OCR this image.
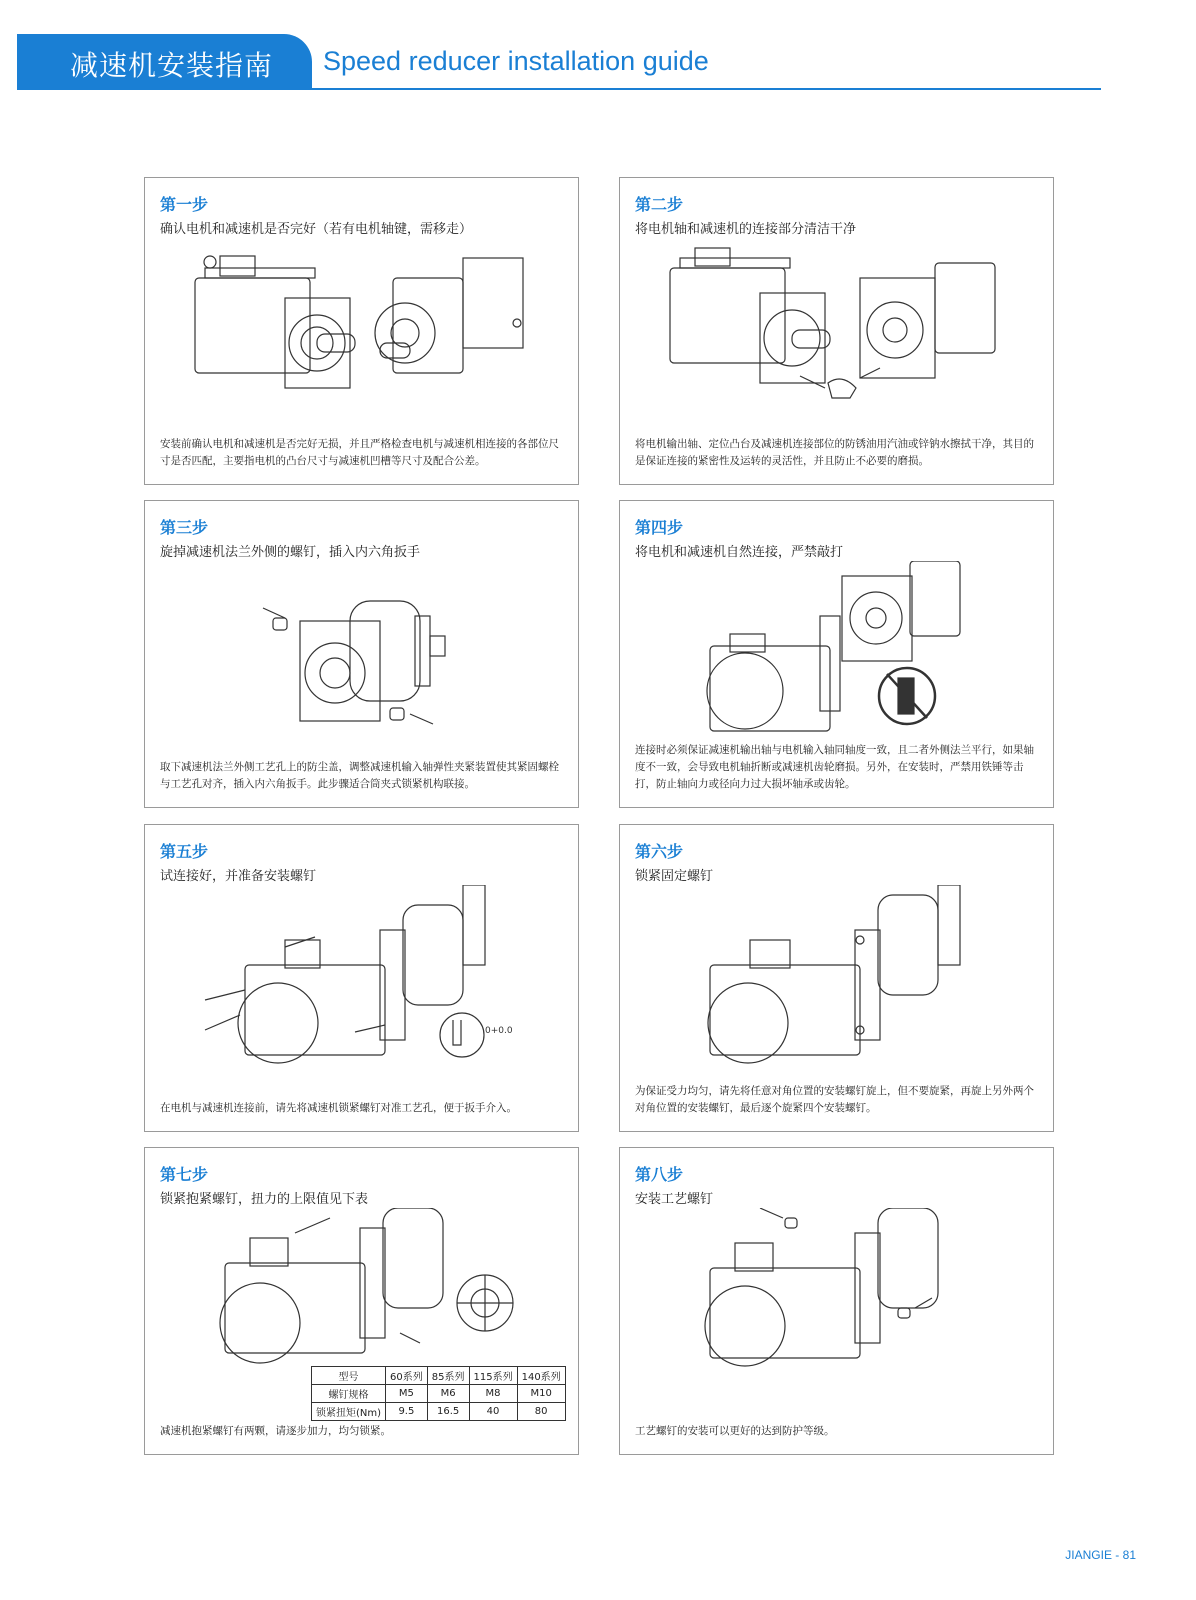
减速机安装指南 Speed reducer installation guide
第一步
确认电机和减速机是否完好（若有电机轴键，需移走）
安装前确认电机和减速机是否完好无损，并且严格检查电机与减速机相连接的各部位尺寸是否匹配，主要指电机的凸台尺寸与减速机凹槽等尺寸及配合公差。
第二步
将电机轴和减速机的连接部分清洁干净
将电机输出轴、定位凸台及减速机连接部位的防锈油用汽油或锌钠水擦拭干净，其目的是保证连接的紧密性及运转的灵活性，并且防止不必要的磨损。
第三步
旋掉减速机法兰外侧的螺钉，插入内六角扳手
取下减速机法兰外侧工艺孔上的防尘盖，调整减速机输入轴弹性夹紧装置使其紧固螺栓与工艺孔对齐，插入内六角扳手。此步骤适合筒夹式锁紧机构联接。
第四步
将电机和减速机自然连接，严禁敲打
连接时必须保证减速机输出轴与电机输入轴同轴度一致，且二者外侧法兰平行，如果轴度不一致，会导致电机轴折断或减速机齿轮磨损。另外，在安装时，严禁用铁锤等击打，防止轴向力或径向力过大损坏轴承或齿轮。
第五步
试连接好，并准备安装螺钉
0+0.0
在电机与减速机连接前，请先将减速机锁紧螺钉对准工艺孔，便于扳手介入。
第六步
锁紧固定螺钉
为保证受力均匀，请先将任意对角位置的安装螺钉旋上，但不要旋紧，再旋上另外两个对角位置的安装螺钉，最后逐个旋紧四个安装螺钉。
第七步
锁紧抱紧螺钉，扭力的上限值见下表
型号	60系列	85系列	115系列	140系列
螺钉规格	M5	M6	M8	M10
锁紧扭矩(Nm)	9.5	16.5	40	80
减速机抱紧螺钉有两颗，请逐步加力，均匀锁紧。
第八步
安装工艺螺钉
工艺螺钉的安装可以更好的达到防护等级。
JIANGIE - 81
